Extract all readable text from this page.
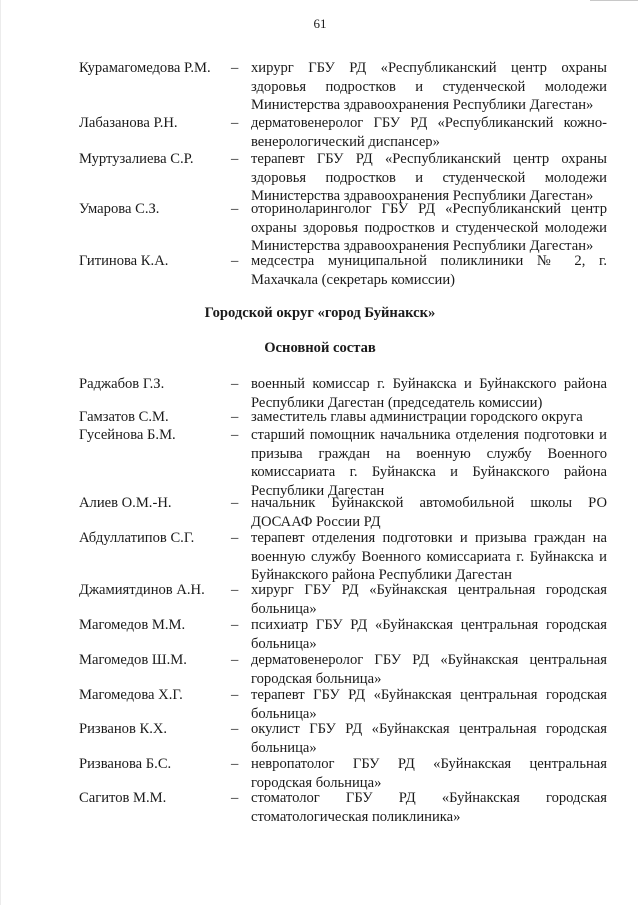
61
Курамагомедова Р.М.	– хирург ГБУ РД «Республиканский центр охраны здоровья подростков и студенческой молодежи Министерства здравоохранения Республики Дагестан»
Лабазанова Р.Н.	– дерматовенеролог ГБУ РД «Республиканский кожно-венерологический диспансер»
Муртузалиева С.Р.	– терапевт ГБУ РД «Республиканский центр охраны здоровья подростков и студенческой молодежи Министерства здравоохранения Республики Дагестан»
Умарова С.З.	– оториноларинголог ГБУ РД «Республиканский центр охраны здоровья подростков и студенческой молодежи Министерства здравоохранения Республики Дагестан»
Гитинова К.А.	– медсестра муниципальной поликлиники № 2, г. Махачкала (секретарь комиссии)
Городской округ «город Буйнакск»
Основной состав
Раджабов Г.З.	– военный комиссар г. Буйнакска и Буйнакского района Республики Дагестан (председатель комиссии)
Гамзатов С.М.	– заместитель главы администрации городского округа
Гусейнова Б.М.	– старший помощник начальника отделения подготовки и призыва граждан на военную службу Военного комиссариата г. Буйнакска и Буйнакского района Республики Дагестан
Алиев О.М.-Н.	– начальник Буйнакской автомобильной школы РО ДОСААФ России РД
Абдуллатипов С.Г.	– терапевт отделения подготовки и призыва граждан на военную службу Военного комиссариата г. Буйнакска и Буйнакского района Республики Дагестан
Джамиятдинов А.Н.	– хирург ГБУ РД «Буйнакская центральная городская больница»
Магомедов М.М.	– психиатр ГБУ РД «Буйнакская центральная городская больница»
Магомедов Ш.М.	– дерматовенеролог ГБУ РД «Буйнакская центральная городская больница»
Магомедова Х.Г.	– терапевт ГБУ РД «Буйнакская центральная городская больница»
Ризванов К.Х.	– окулист ГБУ РД «Буйнакская центральная городская больница»
Ризванова Б.С.	– невропатолог ГБУ РД «Буйнакская центральная городская больница»
Сагитов М.М.	– стоматолог ГБУ РД «Буйнакская городская стоматологическая поликлиника»
